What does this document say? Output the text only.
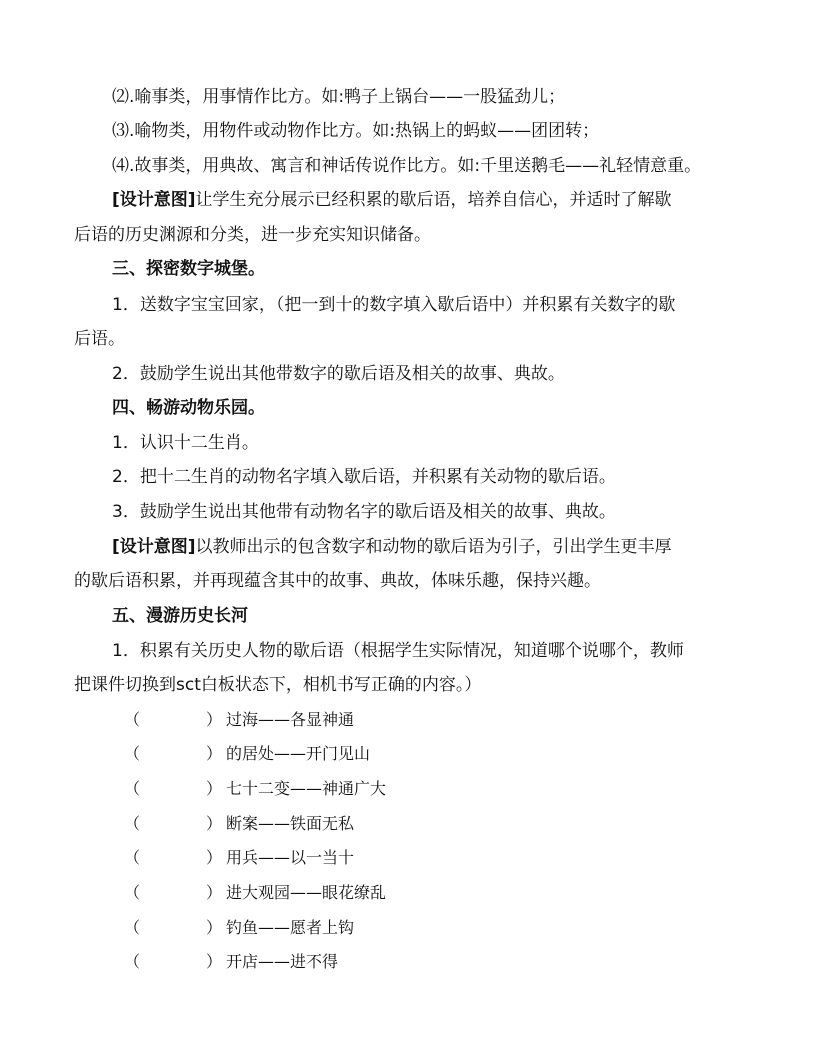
⑵.喻事类，用事情作比方。如:鸭子上锅台——一股猛劲儿；
⑶.喻物类，用物件或动物作比方。如:热锅上的蚂蚁——团团转；
⑷.故事类，用典故、寓言和神话传说作比方。如:千里送鹅毛——礼轻情意重。
[设计意图]让学生充分展示已经积累的歇后语，培养自信心，并适时了解歇
后语的历史渊源和分类，进一步充实知识储备。
三、探密数字城堡。
1．送数字宝宝回家，（把一到十的数字填入歇后语中）并积累有关数字的歇
后语。
2．鼓励学生说出其他带数字的歇后语及相关的故事、典故。
四、畅游动物乐园。
1．认识十二生肖。
2．把十二生肖的动物名字填入歇后语，并积累有关动物的歇后语。
3．鼓励学生说出其他带有动物名字的歇后语及相关的故事、典故。
[设计意图]以教师出示的包含数字和动物的歇后语为引子，引出学生更丰厚
的歇后语积累，并再现蕴含其中的故事、典故，体味乐趣，保持兴趣。
五、漫游历史长河
1．积累有关历史人物的歇后语（根据学生实际情况，知道哪个说哪个，教师
把课件切换到sct白板状态下，相机书写正确的内容。）
（	） 过海——各显神通
（	） 的居处——开门见山
（	） 七十二变——神通广大
（	） 断案——铁面无私
（	） 用兵——以一当十
（	） 进大观园——眼花缭乱
（	） 钓鱼——愿者上钩
（	） 开店——进不得
